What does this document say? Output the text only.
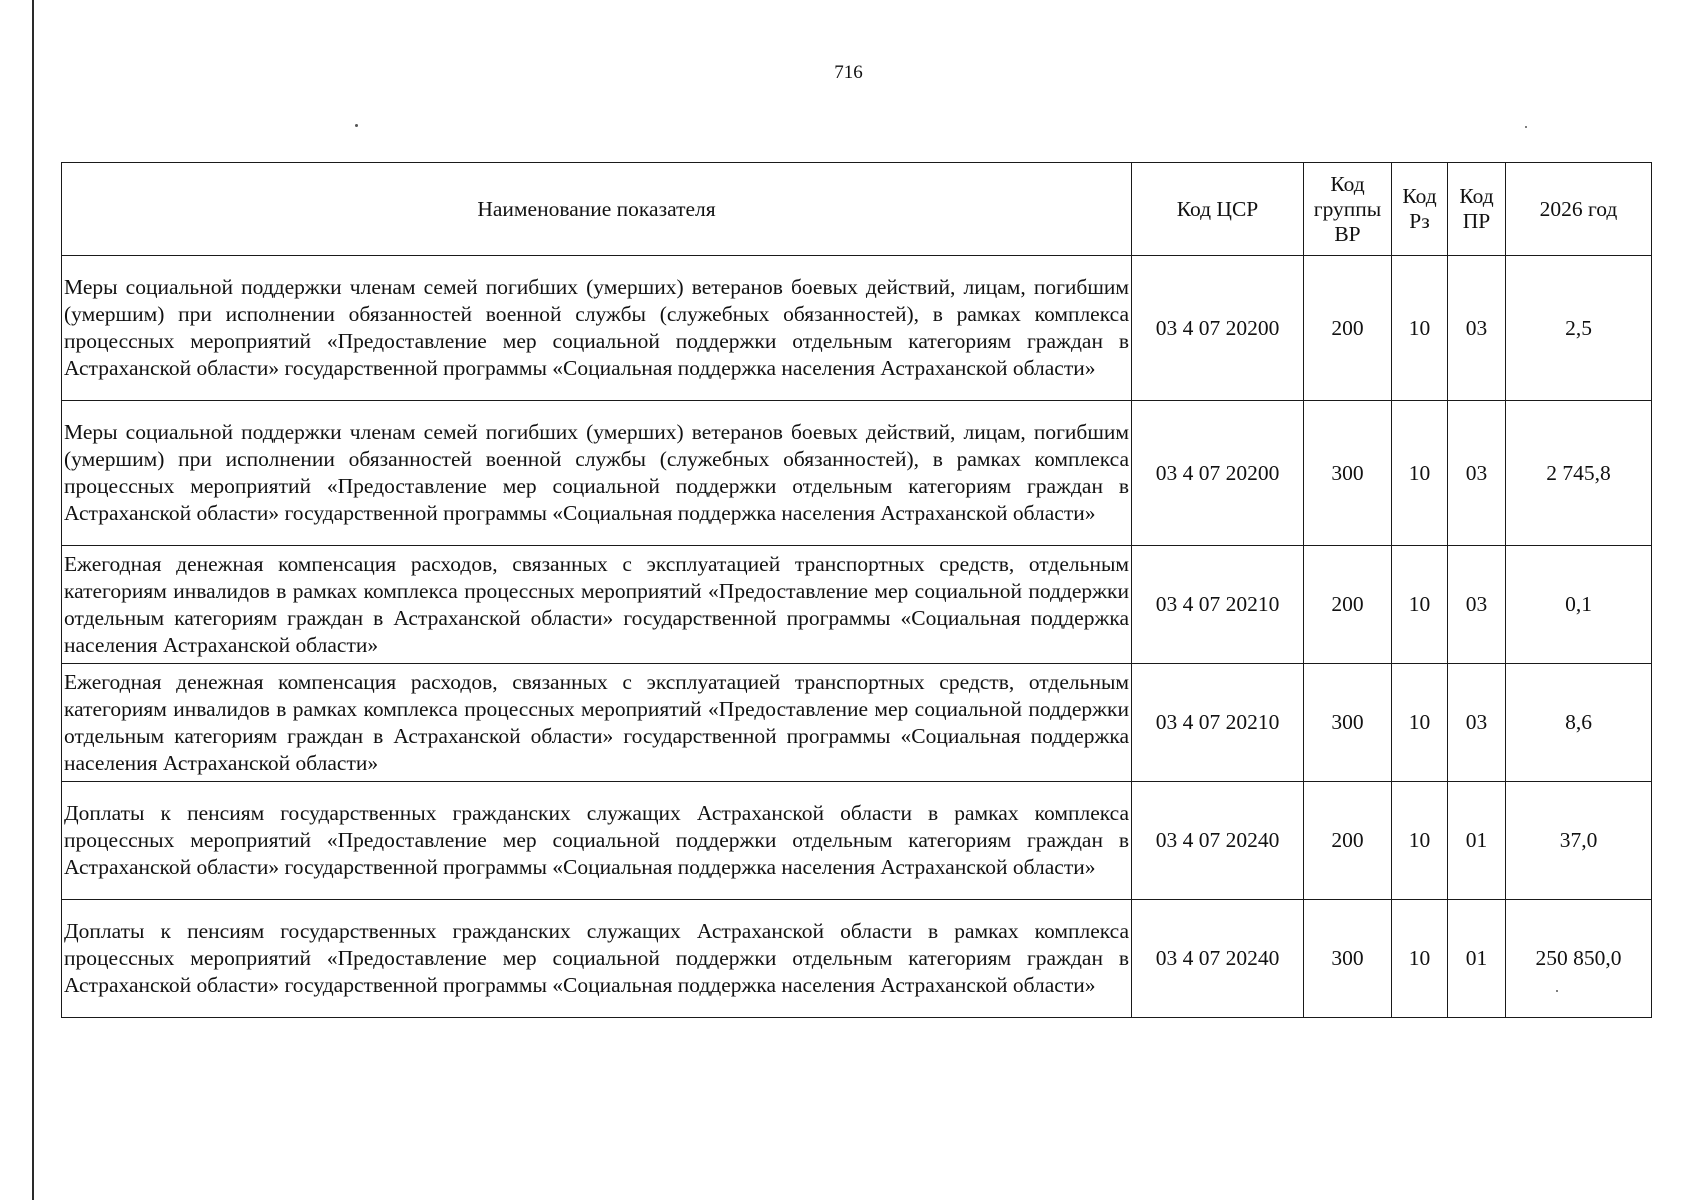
716
Наименование показателя	Код ЦСР	Код группы ВР	Код Рз	Код ПР	2026 год
Меры социальной поддержки членам семей погибших (умерших) ветеранов боевых действий, лицам, погибшим (умершим) при исполнении обязанностей военной службы (служебных обязанностей), в рамках комплекса процессных мероприятий «Предоставление мер социальной поддержки отдельным категориям граждан в Астраханской области» государственной программы «Социальная поддержка населения Астраханской области»	03 4 07 20200	200	10	03	2,5
Меры социальной поддержки членам семей погибших (умерших) ветеранов боевых действий, лицам, погибшим (умершим) при исполнении обязанностей военной службы (служебных обязанностей), в рамках комплекса процессных мероприятий «Предоставление мер социальной поддержки отдельным категориям граждан в Астраханской области» государственной программы «Социальная поддержка населения Астраханской области»	03 4 07 20200	300	10	03	2 745,8
Ежегодная денежная компенсация расходов, связанных с эксплуатацией транспортных средств, отдельным категориям инвалидов в рамках комплекса процессных мероприятий «Предоставление мер социальной поддержки отдельным категориям граждан в Астраханской области» государственной программы «Социальная поддержка населения Астраханской области»	03 4 07 20210	200	10	03	0,1
Ежегодная денежная компенсация расходов, связанных с эксплуатацией транспортных средств, отдельным категориям инвалидов в рамках комплекса процессных мероприятий «Предоставление мер социальной поддержки отдельным категориям граждан в Астраханской области» государственной программы «Социальная поддержка населения Астраханской области»	03 4 07 20210	300	10	03	8,6
Доплаты к пенсиям государственных гражданских служащих Астраханской области в рамках комплекса процессных мероприятий «Предоставление мер социальной поддержки отдельным категориям граждан в Астраханской области» государственной программы «Социальная поддержка населения Астраханской области»	03 4 07 20240	200	10	01	37,0
Доплаты к пенсиям государственных гражданских служащих Астраханской области в рамках комплекса процессных мероприятий «Предоставление мер социальной поддержки отдельным категориям граждан в Астраханской области» государственной программы «Социальная поддержка населения Астраханской области»	03 4 07 20240	300	10	01	250 850,0
